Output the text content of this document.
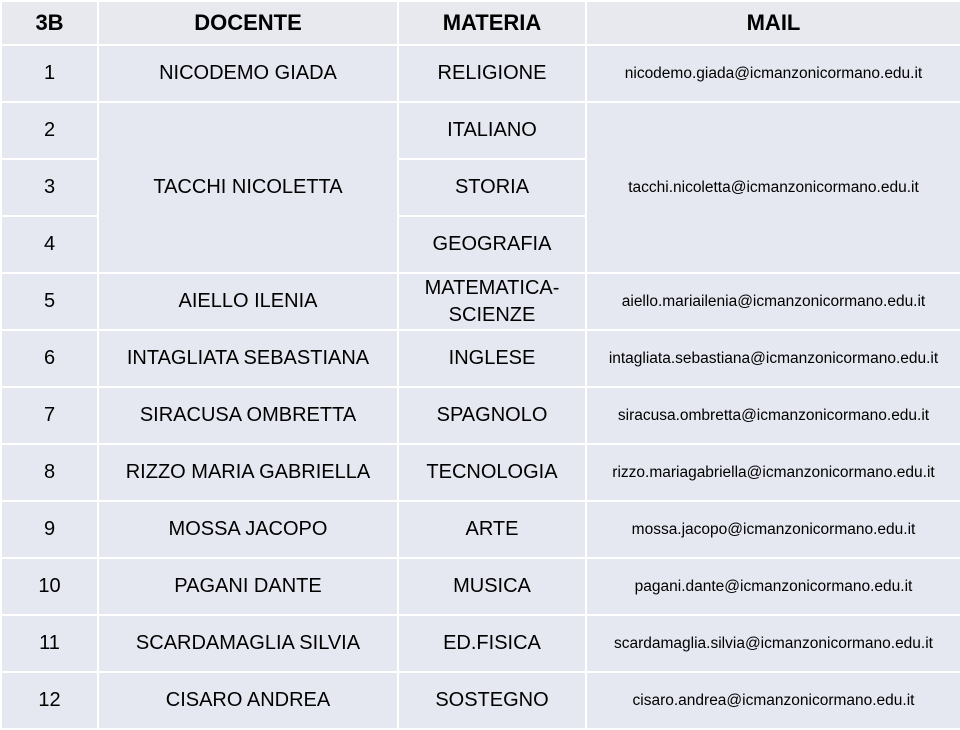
3B	DOCENTE	MATERIA	MAIL
1	NICODEMO GIADA	RELIGIONE	nicodemo.giada@icmanzonicormano.edu.it
2	TACCHI NICOLETTA	ITALIANO	tacchi.nicoletta@icmanzonicormano.edu.it
3		STORIA	
4		GEOGRAFIA	
5	AIELLO ILENIA	MATEMATICA-SCIENZE	aiello.mariailenia@icmanzonicormano.edu.it
6	INTAGLIATA SEBASTIANA	INGLESE	intagliata.sebastiana@icmanzonicormano.edu.it
7	SIRACUSA OMBRETTA	SPAGNOLO	siracusa.ombretta@icmanzonicormano.edu.it
8	RIZZO MARIA GABRIELLA	TECNOLOGIA	rizzo.mariagabriella@icmanzonicormano.edu.it
9	MOSSA JACOPO	ARTE	mossa.jacopo@icmanzonicormano.edu.it
10	PAGANI DANTE	MUSICA	pagani.dante@icmanzonicormano.edu.it
11	SCARDAMAGLIA SILVIA	ED.FISICA	scardamaglia.silvia@icmanzonicormano.edu.it
12	CISARO ANDREA	SOSTEGNO	cisaro.andrea@icmanzonicormano.edu.it
